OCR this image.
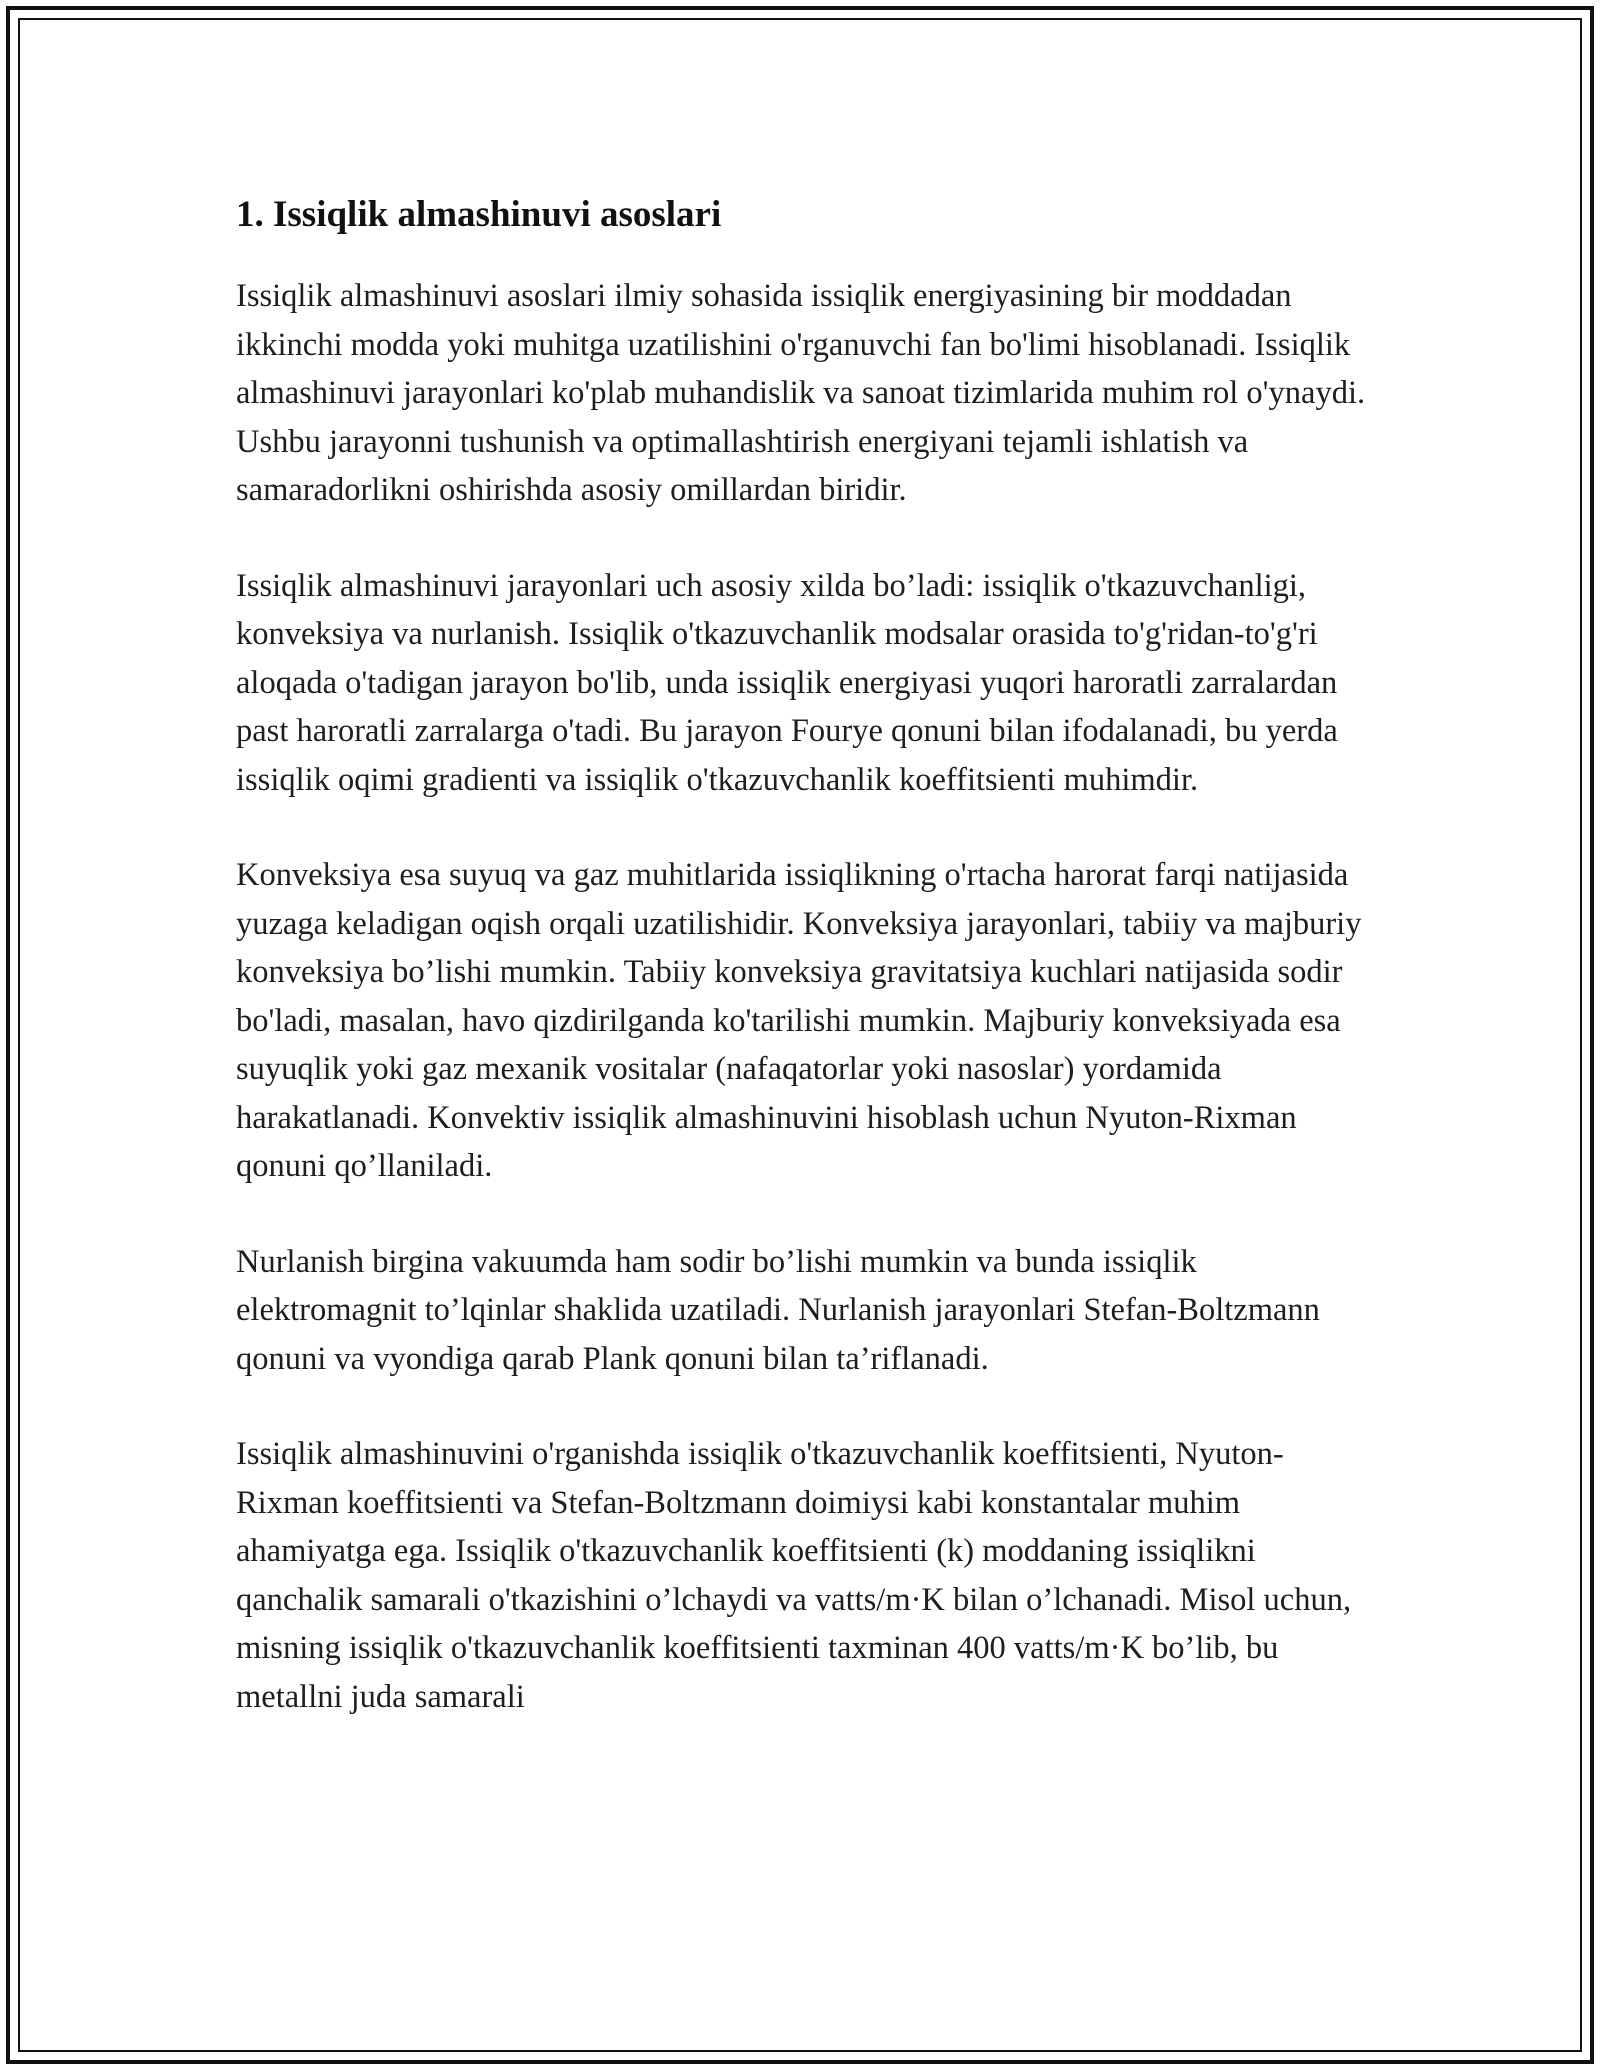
1. Issiqlik almashinuvi asoslari

Issiqlik almashinuvi asoslari ilmiy sohasida issiqlik energiyasining bir moddadan ikkinchi modda yoki muhitga uzatilishini o'rganuvchi fan bo'limi hisoblanadi. Issiqlik almashinuvi jarayonlari ko'plab muhandislik va sanoat tizimlarida muhim rol o'ynaydi. Ushbu jarayonni tushunish va optimallashtirish energiyani tejamli ishlatish va samaradorlikni oshirishda asosiy omillardan biridir.

Issiqlik almashinuvi jarayonlari uch asosiy xilda bo’ladi: issiqlik o'tkazuvchanligi, konveksiya va nurlanish. Issiqlik o'tkazuvchanlik modsalar orasida to'g'ridan-to'g'ri aloqada o'tadigan jarayon bo'lib, unda issiqlik energiyasi yuqori haroratli zarralardan past haroratli zarralarga o'tadi. Bu jarayon Fourye qonuni bilan ifodalanadi, bu yerda issiqlik oqimi gradienti va issiqlik o'tkazuvchanlik koeffitsienti muhimdir.

Konveksiya esa suyuq va gaz muhitlarida issiqlikning o'rtacha harorat farqi natijasida yuzaga keladigan oqish orqali uzatilishidir. Konveksiya jarayonlari, tabiiy va majburiy konveksiya bo’lishi mumkin. Tabiiy konveksiya gravitatsiya kuchlari natijasida sodir bo'ladi, masalan, havo qizdirilganda ko'tarilishi mumkin. Majburiy konveksiyada esa suyuqlik yoki gaz mexanik vositalar (nafaqatorlar yoki nasoslar) yordamida harakatlanadi. Konvektiv issiqlik almashinuvini hisoblash uchun Nyuton-Rixman qonuni qo’llaniladi.

Nurlanish birgina vakuumda ham sodir bo’lishi mumkin va bunda issiqlik elektromagnit to’lqinlar shaklida uzatiladi. Nurlanish jarayonlari Stefan-Boltzmann qonuni va vyondiga qarab Plank qonuni bilan ta’riflanadi.

Issiqlik almashinuvini o'rganishda issiqlik o'tkazuvchanlik koeffitsienti, Nyuton-Rixman koeffitsienti va Stefan-Boltzmann doimiysi kabi konstantalar muhim ahamiyatga ega. Issiqlik o'tkazuvchanlik koeffitsienti (k) moddaning issiqlikni qanchalik samarali o'tkazishini o’lchaydi va vatts/m·K bilan o’lchanadi. Misol uchun, misning issiqlik o'tkazuvchanlik koeffitsienti taxminan 400 vatts/m·K bo’lib, bu metallni juda samarali
